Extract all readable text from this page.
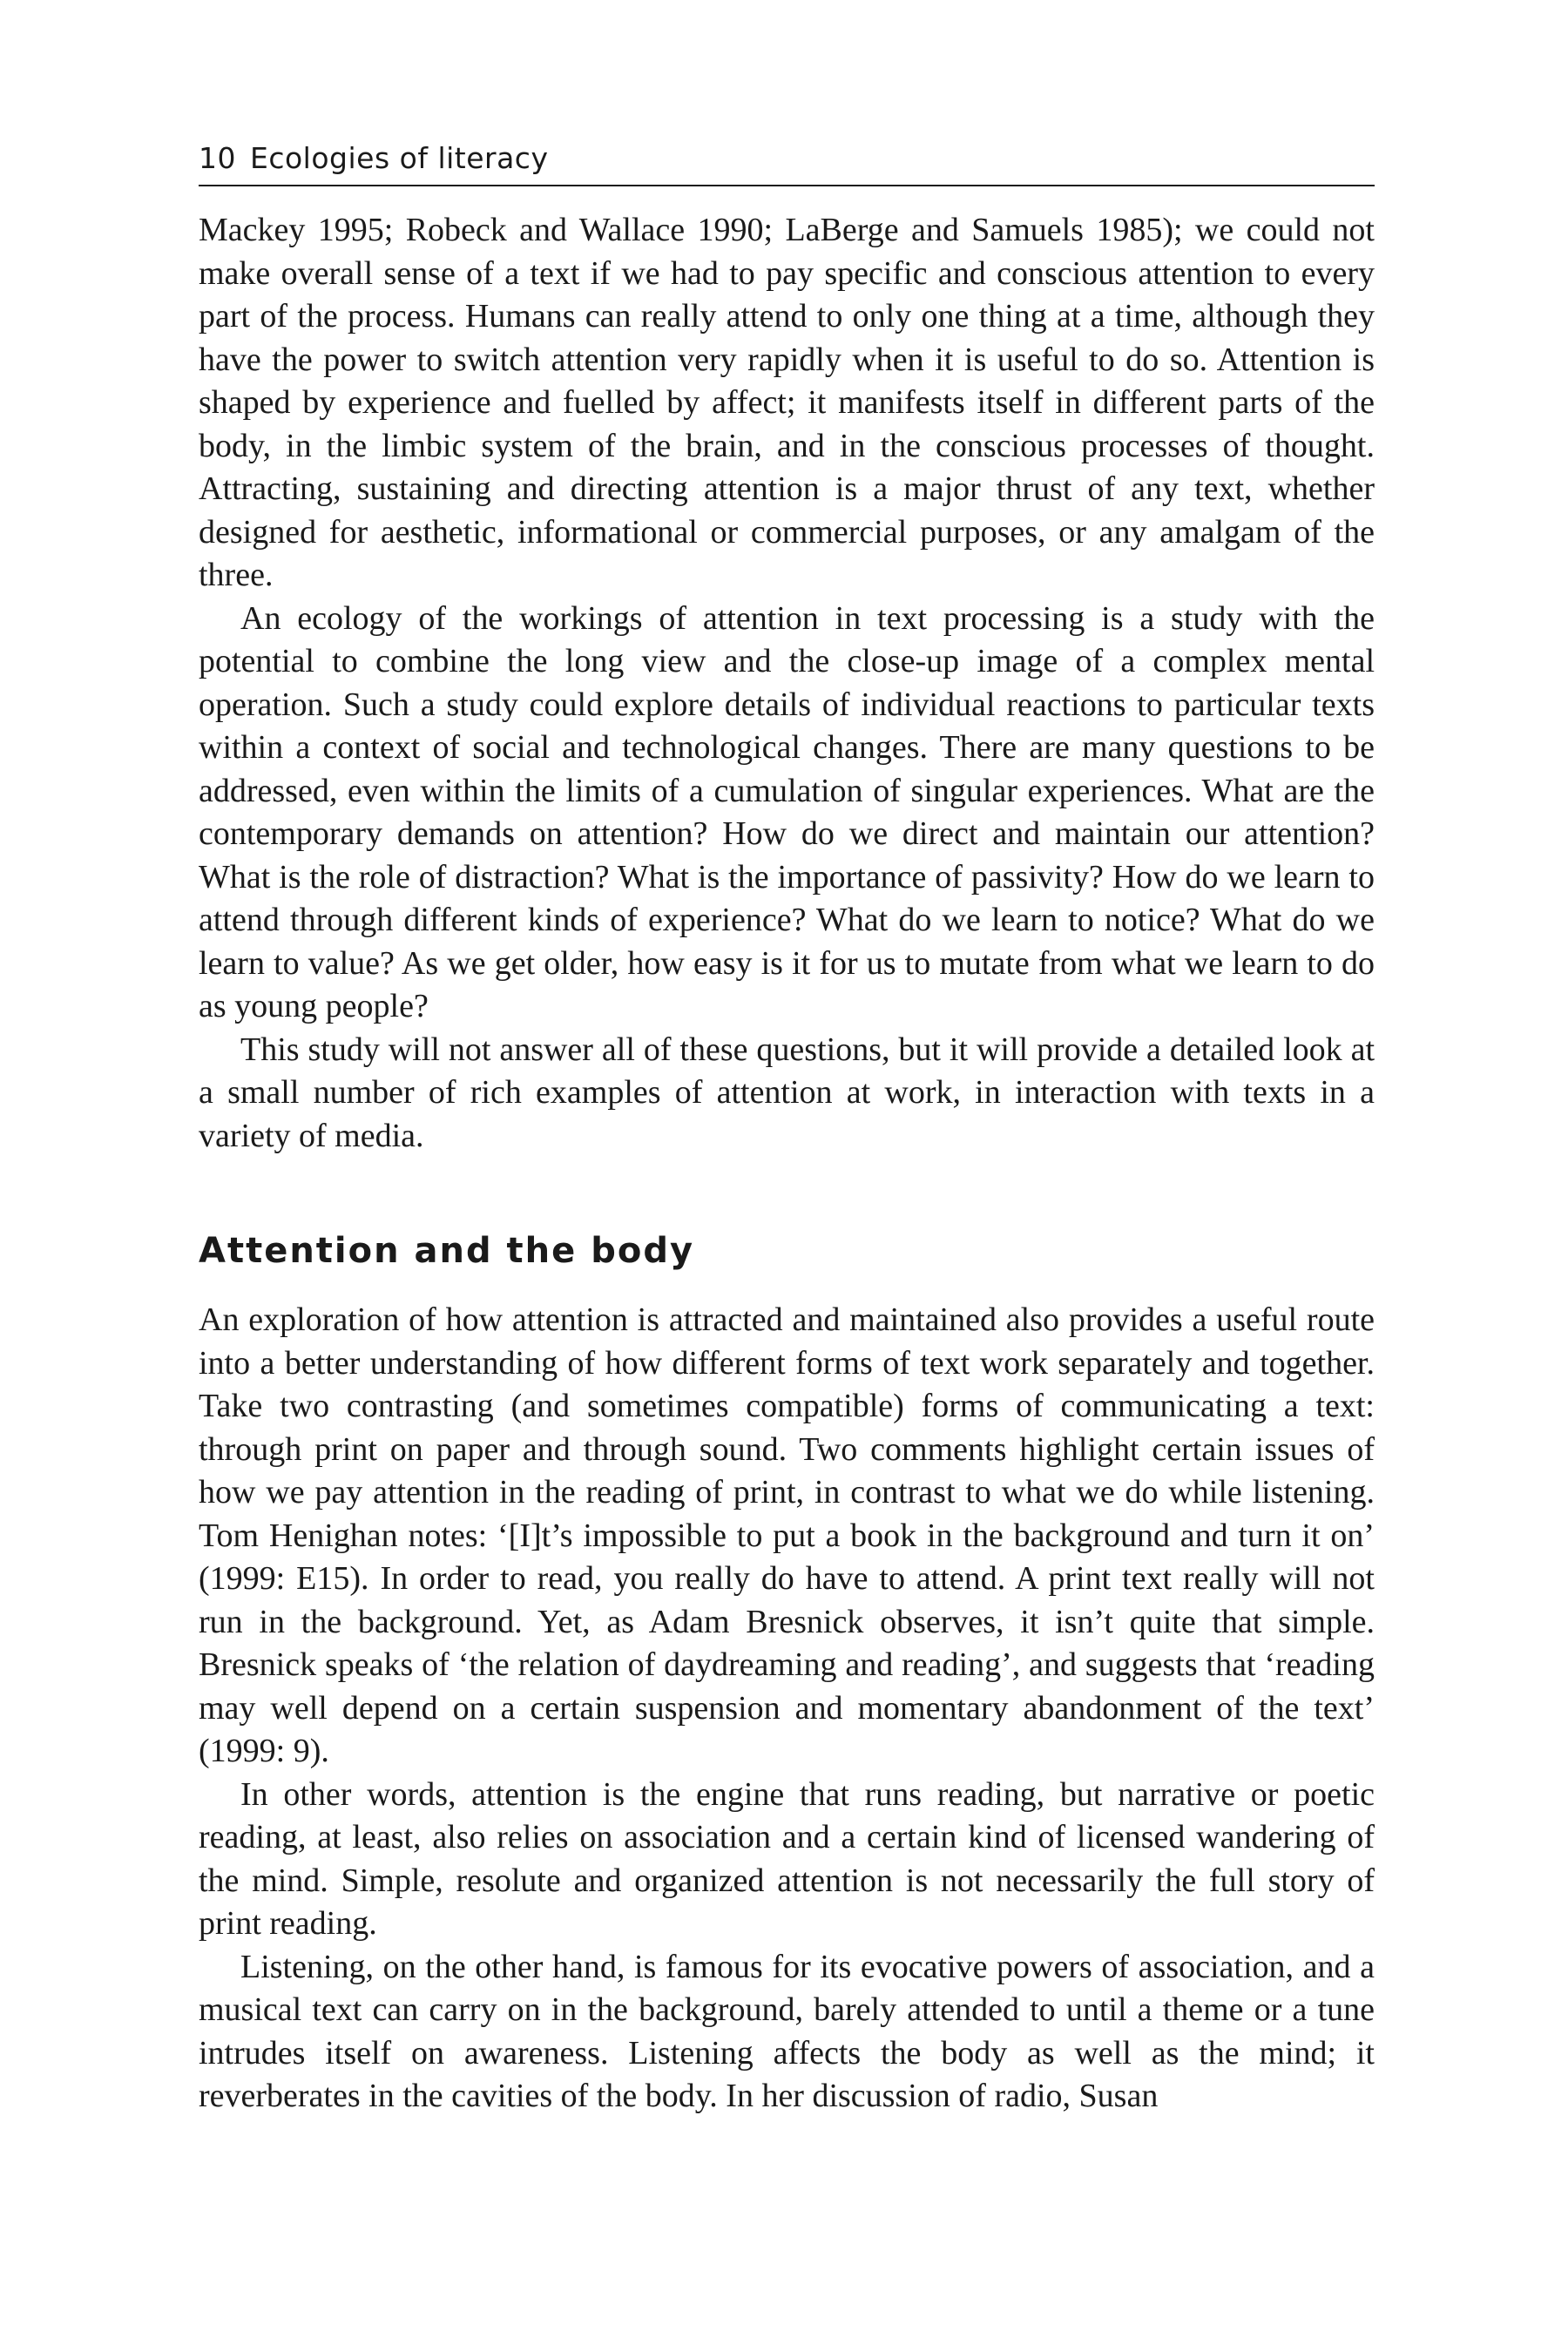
10 Ecologies of literacy

Mackey 1995; Robeck and Wallace 1990; LaBerge and Samuels 1985); we could not make overall sense of a text if we had to pay specific and conscious attention to every part of the process. Humans can really attend to only one thing at a time, although they have the power to switch attention very rapidly when it is useful to do so. Attention is shaped by experience and fuelled by affect; it manifests itself in different parts of the body, in the limbic system of the brain, and in the conscious processes of thought. Attracting, sustaining and directing attention is a major thrust of any text, whether designed for aesthetic, informational or commercial purposes, or any amalgam of the three.

An ecology of the workings of attention in text processing is a study with the potential to combine the long view and the close-up image of a complex mental operation. Such a study could explore details of individual reactions to particular texts within a context of social and technological changes. There are many questions to be addressed, even within the limits of a cumulation of singular experiences. What are the contemporary demands on attention? How do we direct and maintain our attention? What is the role of distraction? What is the importance of passivity? How do we learn to attend through different kinds of experience? What do we learn to notice? What do we learn to value? As we get older, how easy is it for us to mutate from what we learn to do as young people?

This study will not answer all of these questions, but it will provide a detailed look at a small number of rich examples of attention at work, in interaction with texts in a variety of media.

Attention and the body

An exploration of how attention is attracted and maintained also provides a useful route into a better understanding of how different forms of text work separately and together. Take two contrasting (and sometimes compatible) forms of communicating a text: through print on paper and through sound. Two comments highlight certain issues of how we pay attention in the reading of print, in contrast to what we do while listening. Tom Henighan notes: ‘[I]t’s impossible to put a book in the background and turn it on’ (1999: E15). In order to read, you really do have to attend. A print text really will not run in the background. Yet, as Adam Bresnick observes, it isn’t quite that simple. Bresnick speaks of ‘the relation of daydreaming and reading’, and suggests that ‘reading may well depend on a certain suspension and momentary abandonment of the text’ (1999: 9).

In other words, attention is the engine that runs reading, but narrative or poetic reading, at least, also relies on association and a certain kind of licensed wandering of the mind. Simple, resolute and organized attention is not necessarily the full story of print reading.

Listening, on the other hand, is famous for its evocative powers of association, and a musical text can carry on in the background, barely attended to until a theme or a tune intrudes itself on awareness. Listening affects the body as well as the mind; it reverberates in the cavities of the body. In her discussion of radio, Susan
